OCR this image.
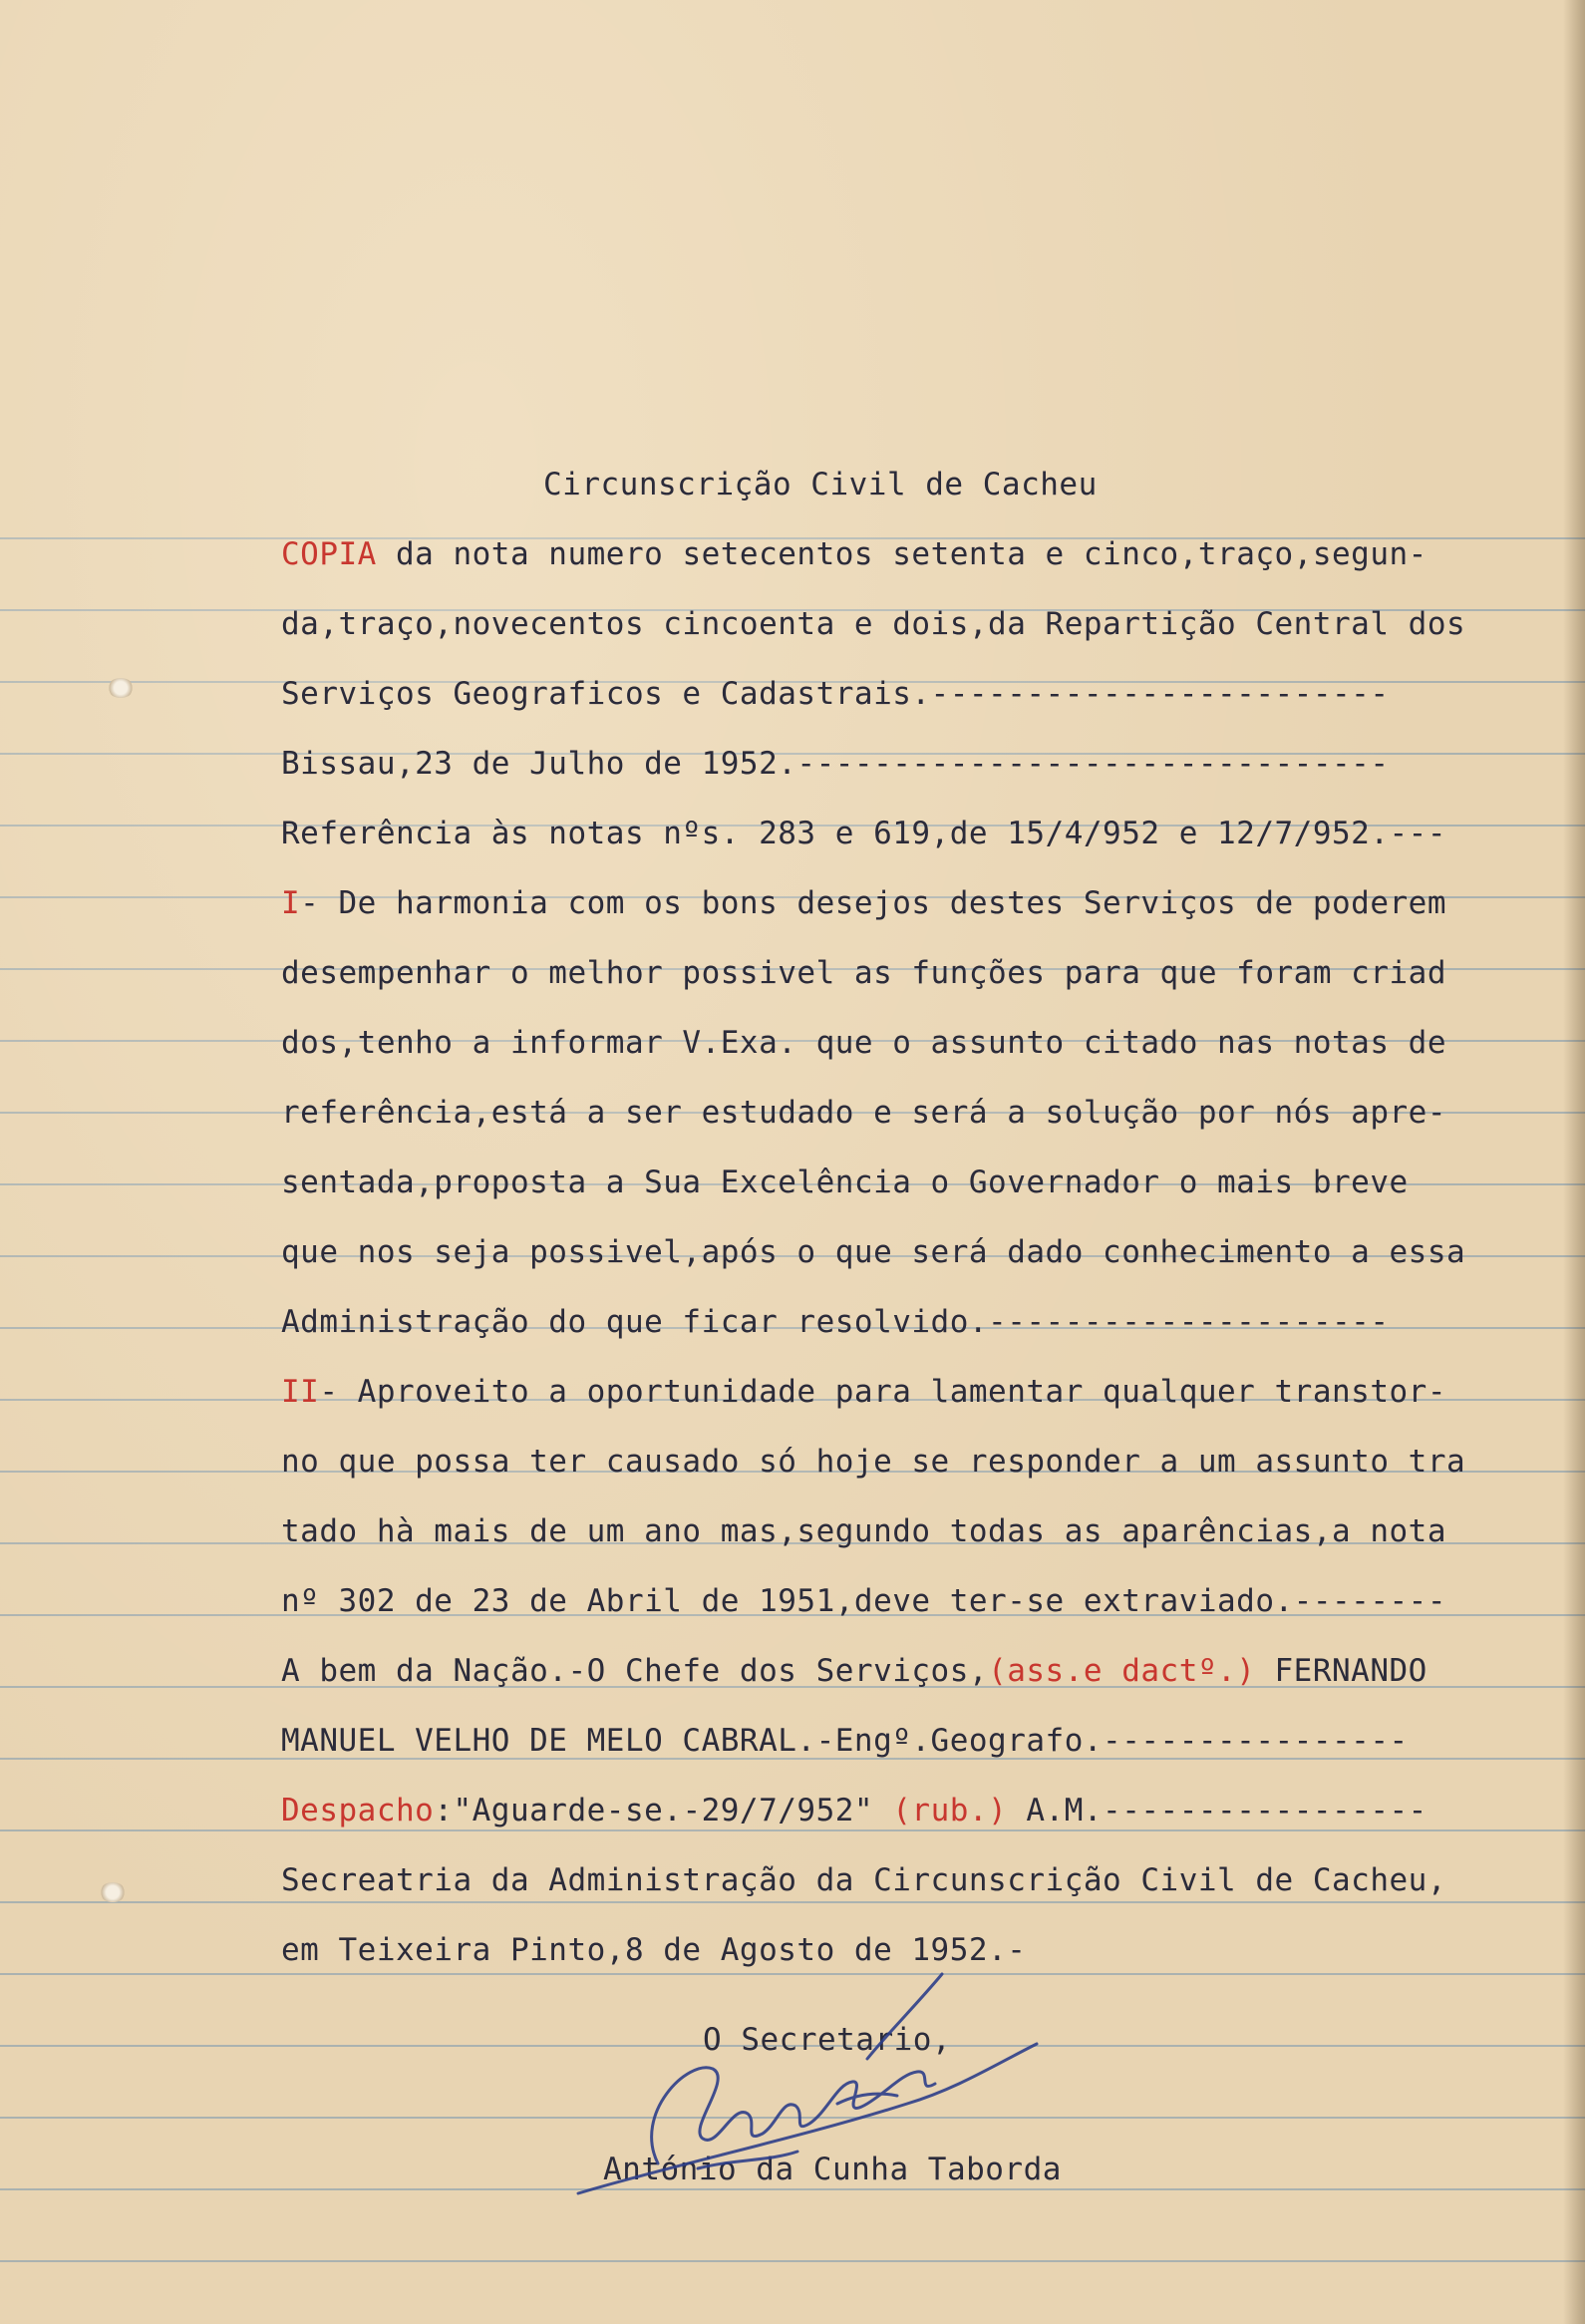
Circunscrição Civil de Cacheu
COPIA da nota numero setecentos setenta e cinco,traço,segun-
da,traço,novecentos cincoenta e dois,da Repartição Central dos
Serviços Geograficos e Cadastrais.------------------------
Bissau,23 de Julho de 1952.-------------------------------
Referência às notas nºs. 283 e 619,de 15/4/952 e 12/7/952.---
I- De harmonia com os bons desejos destes Serviços de poderem
desempenhar o melhor possivel as funções para que foram criad
dos,tenho a informar V.Exa. que o assunto citado nas notas de
referência,está a ser estudado e será a solução por nós apre-
sentada,proposta a Sua Excelência o Governador o mais breve
que nos seja possivel,após o que será dado conhecimento a essa
Administração do que ficar resolvido.---------------------
II- Aproveito a oportunidade para lamentar qualquer transtor-
no que possa ter causado só hoje se responder a um assunto tra
tado hà mais de um ano mas,segundo todas as aparências,a nota
nº 302 de 23 de Abril de 1951,deve ter-se extraviado.--------
A bem da Nação.-O Chefe dos Serviços,(ass.e dactº.) FERNANDO
MANUEL VELHO DE MELO CABRAL.-Engº.Geografo.----------------
Despacho:"Aguarde-se.-29/7/952" (rub.) A.M.-----------------
Secreatria da Administração da Circunscrição Civil de Cacheu,
em Teixeira Pinto,8 de Agosto de 1952.-
O Secretario,
António da Cunha Taborda
